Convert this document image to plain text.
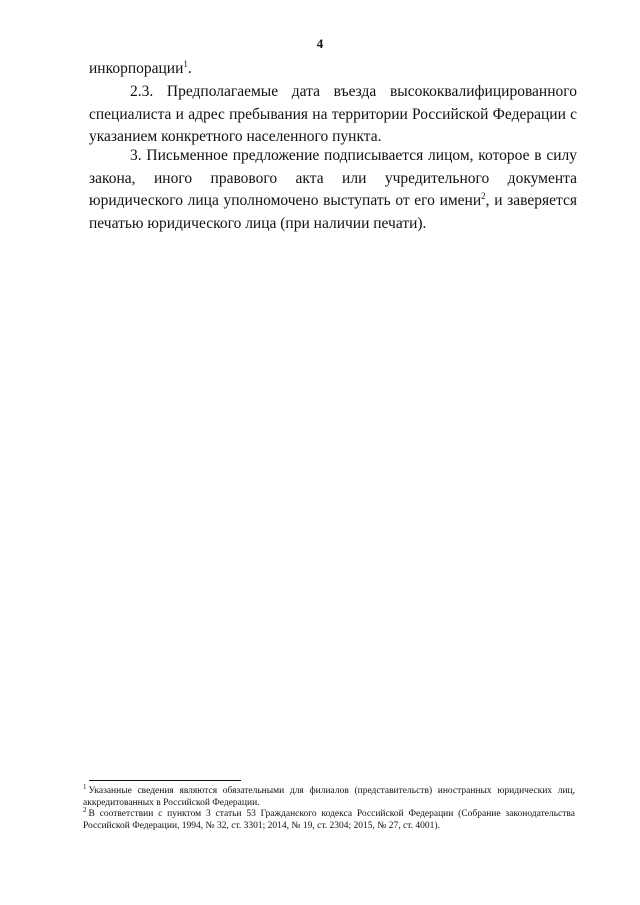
4

инкорпорации$^1$.

2.3. Предполагаемые дата въезда высококвалифицированного специалиста и адрес пребывания на территории Российской Федерации с указанием конкретного населенного пункта.

3. Письменное предложение подписывается лицом, которое в силу закона, иного правового акта или учредительного документа юридического лица уполномочено выступать от его имени$^2$, и заверяется печатью юридического лица (при наличии печати).

$^1$ Указанные сведения являются обязательными для филиалов (представительств) иностранных юридических лиц, аккредитованных в Российской Федерации.

$^2$ В соответствии с пунктом 3 статьи 53 Гражданского кодекса Российской Федерации (Собрание законодательства Российской Федерации, 1994, № 32, ст. 3301; 2014, № 19, ст. 2304; 2015, № 27, ст. 4001).
